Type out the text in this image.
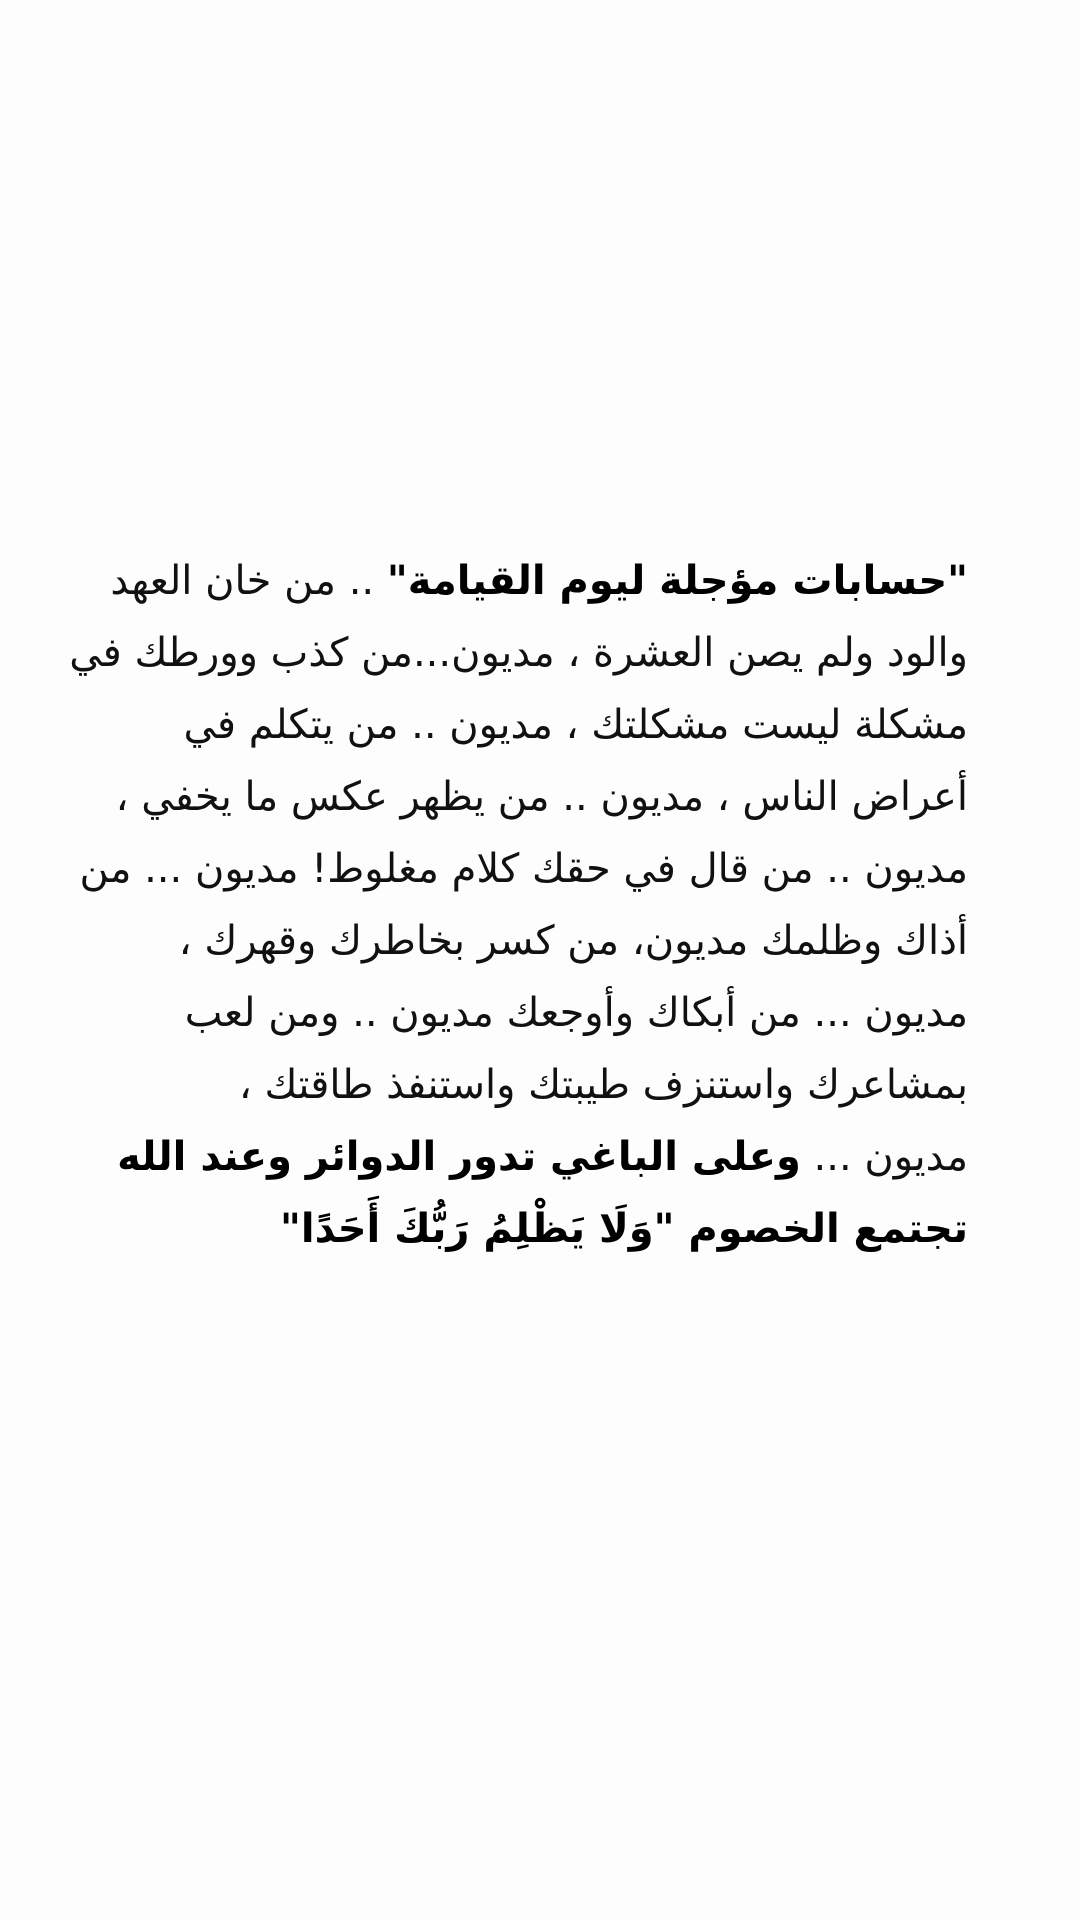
"حسابات مؤجلة ليوم القيامة" .. من خان العهد
والود ولم يصن العشرة ، مديون...من كذب وورطك في
مشكلة ليست مشكلتك ، مديون .. من يتكلم في
أعراض الناس ، مديون .. من يظهر عكس ما يخفي ،
مديون .. من قال في حقك كلام مغلوط! مديون ... من
أذاك وظلمك مديون، من كسر بخاطرك وقهرك ،
مديون ... من أبكاك وأوجعك مديون .. ومن لعب
بمشاعرك واستنزف طيبتك واستنفذ طاقتك ،
مديون ... وعلى الباغي تدور الدوائر وعند الله
تجتمع الخصوم "وَلَا يَظْلِمُ رَبُّكَ أَحَدًا"
